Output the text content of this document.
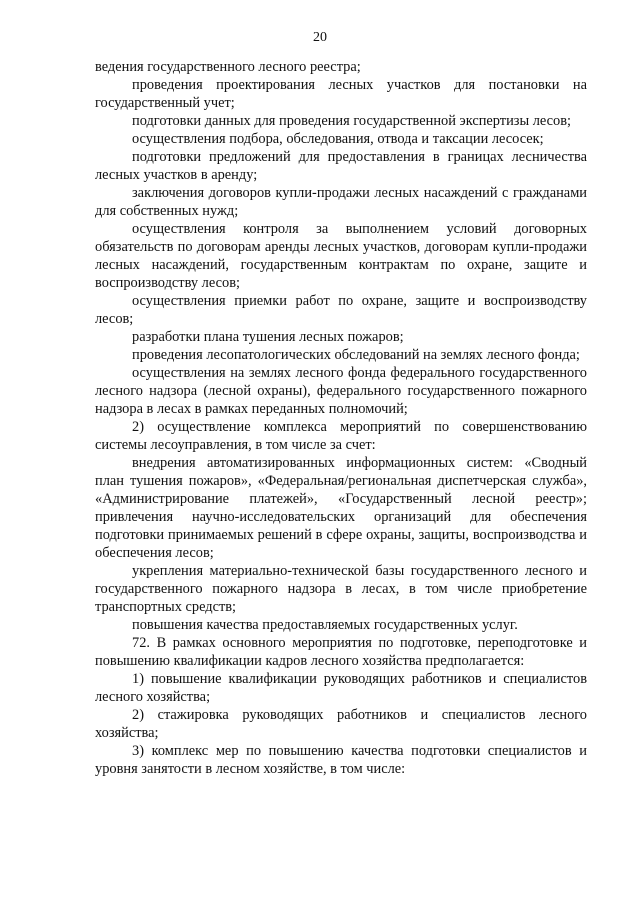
20

ведения государственного лесного реестра;

проведения проектирования лесных участков для постановки на государственный учет;

подготовки данных для проведения государственной экспертизы лесов;

осуществления подбора, обследования, отвода и таксации лесосек;

подготовки предложений для предоставления в границах лесничества лесных участков в аренду;

заключения договоров купли-продажи лесных насаждений с гражданами для собственных нужд;

осуществления контроля за выполнением условий договорных обязательств по договорам аренды лесных участков, договорам купли-продажи лесных насаждений, государственным контрактам по охране, защите и воспроизводству лесов;

осуществления приемки работ по охране, защите и воспроизводству лесов;

разработки плана тушения лесных пожаров;

проведения лесопатологических обследований на землях лесного фонда;

осуществления на землях лесного фонда федерального государственного лесного надзора (лесной охраны), федерального государственного пожарного надзора в лесах в рамках переданных полномочий;

2) осуществление комплекса мероприятий по совершенствованию системы лесоуправления, в том числе за счет:

внедрения автоматизированных информационных систем: «Сводный план тушения пожаров», «Федеральная/региональная диспетчерская служба», «Администрирование платежей», «Государственный лесной реестр»; привлечения научно-исследовательских организаций для обеспечения подготовки принимаемых решений в сфере охраны, защиты, воспроизводства и обеспечения лесов;

укрепления материально-технической базы государственного лесного и государственного пожарного надзора в лесах, в том числе приобретение транспортных средств;

повышения качества предоставляемых государственных услуг.

72. В рамках основного мероприятия по подготовке, переподготовке и повышению квалификации кадров лесного хозяйства предполагается:

1) повышение квалификации руководящих работников и специалистов лесного хозяйства;

2) стажировка руководящих работников и специалистов лесного хозяйства;

3) комплекс мер по повышению качества подготовки специалистов и уровня занятости в лесном хозяйстве, в том числе:
